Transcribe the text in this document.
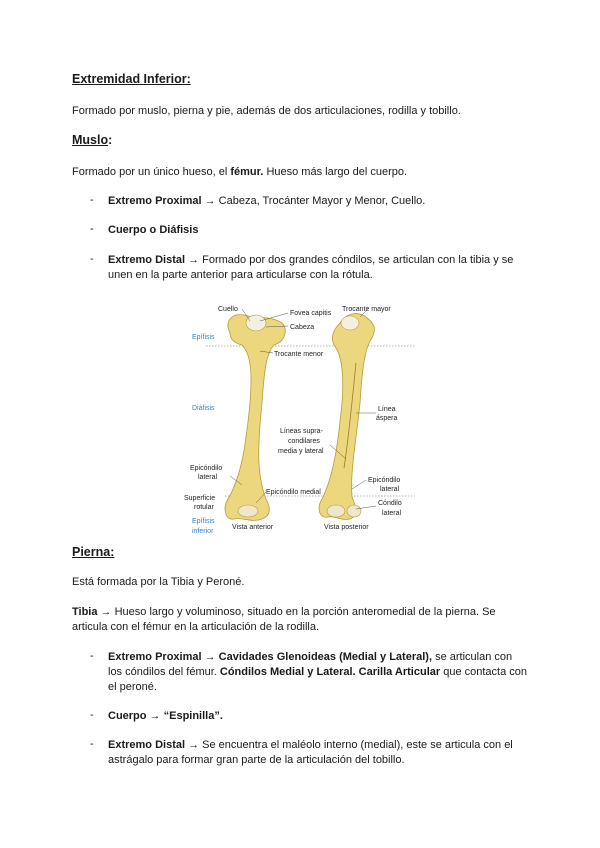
Extremidad Inferior:
Formado por muslo, pierna y pie, además de dos articulaciones, rodilla y tobillo.
Muslo:
Formado por un único hueso, el fémur. Hueso más largo del cuerpo.
- Extremo Proximal → Cabeza, Trocánter Mayor y Menor, Cuello.
- Cuerpo o Diáfisis
- Extremo Distal → Formado por dos grandes cóndilos, se articulan con la tibia y se unen en la parte anterior para articularse con la rótula.
Cuello
Fovea capitis
Trocante mayor
Cabeza
Epífisis
Trocante menor
Diáfisis	Línea
áspera
Líneas supra-
condilares
media y lateral
Epicóndilo
lateral	Epicóndilo
lateral
Epicóndilo medial
Superficie
rotular
Cóndilo
lateral
Epífisis
inferior
Vista anterior	Vista posterior
Pierna:
Está formada por la Tibia y Peroné.
Tibia → Hueso largo y voluminoso, situado en la porción anteromedial de la pierna. Se articula con el fémur en la articulación de la rodilla.
- Extremo Proximal → Cavidades Glenoideas (Medial y Lateral), se articulan con los cóndilos del fémur. Cóndilos Medial y Lateral. Carilla Articular que contacta con el peroné.
- Cuerpo → “Espinilla”.
- Extremo Distal → Se encuentra el maléolo interno (medial), este se articula con el astrágalo para formar gran parte de la articulación del tobillo.
